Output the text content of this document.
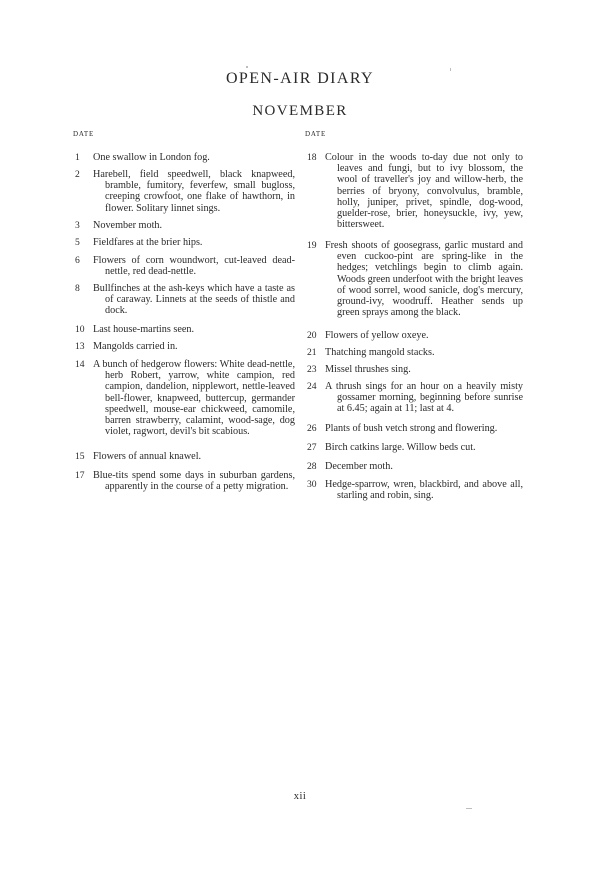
OPEN-AIR DIARY
NOVEMBER
DATE
1	One swallow in London fog.
2	Harebell, field speedwell, black knapweed, bramble, fumitory, feverfew, small bugloss, creeping crowfoot, one flake of hawthorn, in flower. Solitary linnet sings.
3	November moth.
5	Fieldfares at the brier hips.
6	Flowers of corn woundwort, cut-leaved dead-nettle, red dead-nettle.
8	Bullfinches at the ash-keys which have a taste as of caraway. Linnets at the seeds of thistle and dock.
10 Last house-martins seen.
13 Mangolds carried in.
14 A bunch of hedgerow flowers: White dead-nettle, herb Robert, yarrow, white campion, red campion, dandelion, nipplewort, nettle-leaved bell-flower, knapweed, buttercup, germander speedwell, mouse-ear chickweed, camomile, barren strawberry, calamint, wood-sage, dog violet, ragwort, devil's bit scabious.
15 Flowers of annual knawel.
17 Blue-tits spend some days in suburban gardens, apparently in the course of a petty migration.
DATE
18 Colour in the woods to-day due not only to leaves and fungi, but to ivy blossom, the wool of traveller's joy and willow-herb, the berries of bryony, convolvulus, bramble, holly, juniper, privet, spindle, dog-wood, guelder-rose, brier, honeysuckle, ivy, yew, bittersweet.
19 Fresh shoots of goosegrass, garlic mustard and even cuckoo-pint are spring-like in the hedges; vetchlings begin to climb again. Woods green underfoot with the bright leaves of wood sorrel, wood sanicle, dog's mercury, ground-ivy, woodruff. Heather sends up green sprays among the black.
20 Flowers of yellow oxeye.
21 Thatching mangold stacks.
23 Missel thrushes sing.
24 A thrush sings for an hour on a heavily misty gossamer morning, beginning before sunrise at 6.45; again at 11; last at 4.
26 Plants of bush vetch strong and flowering.
27 Birch catkins large. Willow beds cut.
28 December moth.
30 Hedge-sparrow, wren, blackbird, and above all, starling and robin, sing.
xii
